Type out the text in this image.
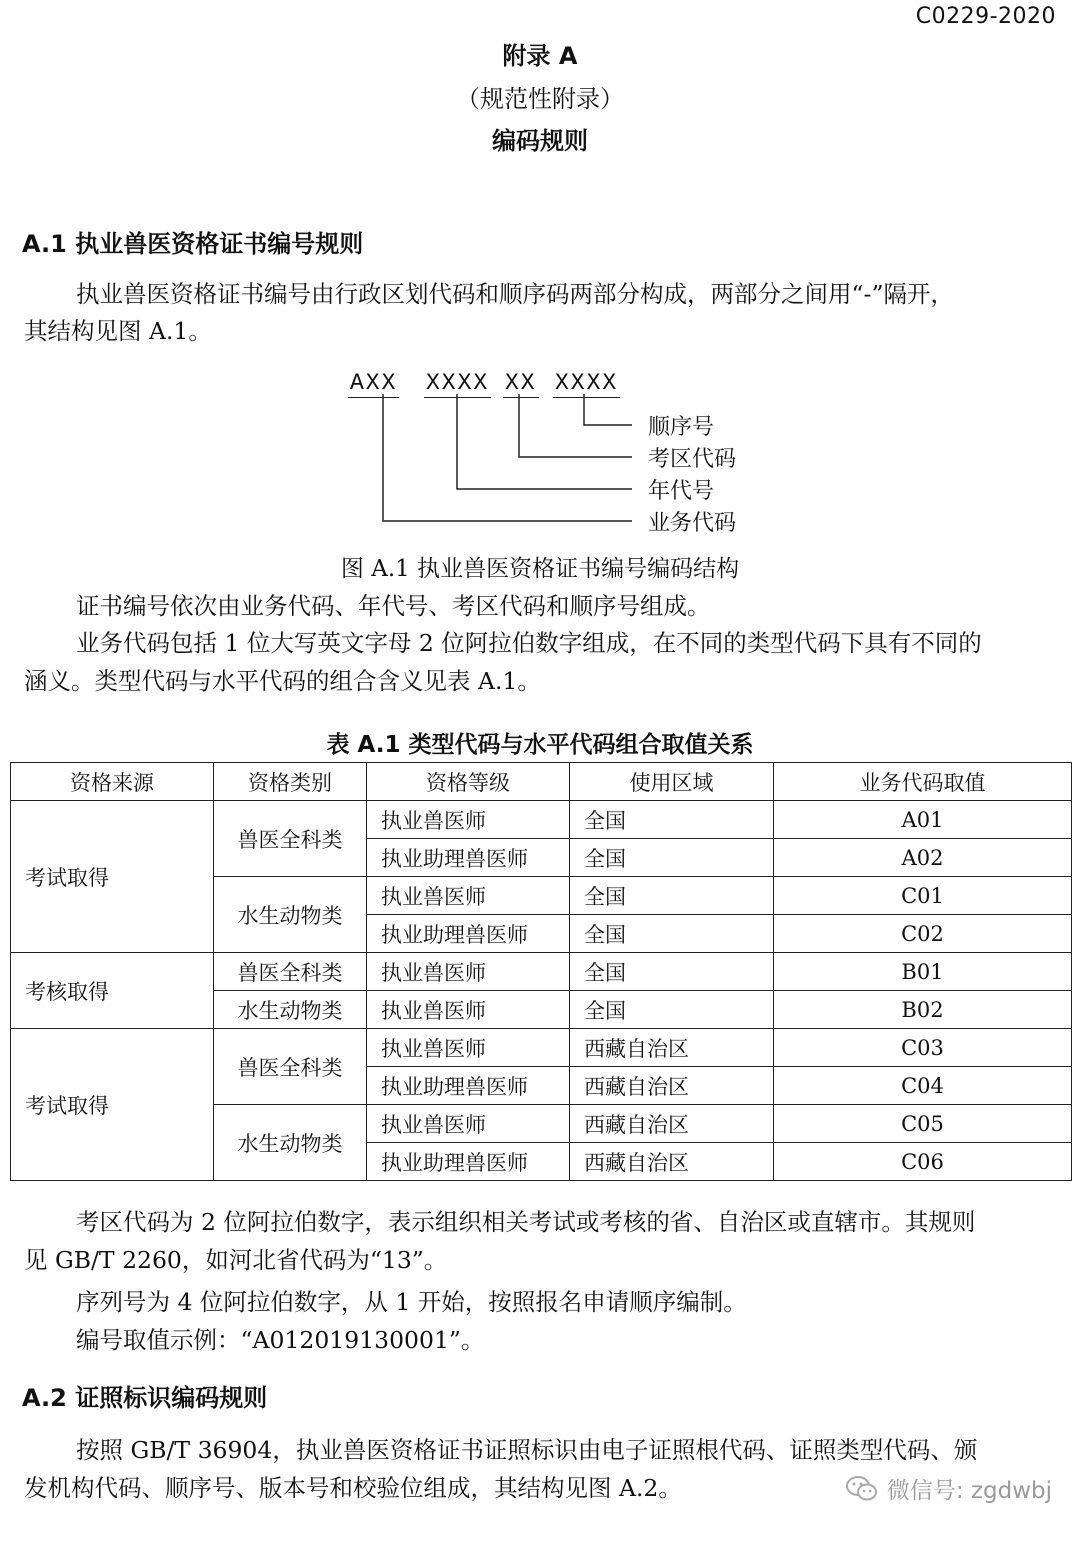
C0229-2020
附录 A
（规范性附录）
编码规则
A.1 执业兽医资格证书编号规则
执业兽医资格证书编号由行政区划代码和顺序码两部分构成，两部分之间用“-”隔开，
其结构见图 A.1。
AXX XXXX XX XXXX
顺序号
考区代码
年代号
业务代码
图 A.1 执业兽医资格证书编号编码结构
证书编号依次由业务代码、年代号、考区代码和顺序号组成。
业务代码包括 1 位大写英文字母 2 位阿拉伯数字组成，在不同的类型代码下具有不同的
涵义。类型代码与水平代码的组合含义见表 A.1。
表 A.1 类型代码与水平代码组合取值关系
资格来源	资格类别	资格等级	使用区域	业务代码取值
考试取得	兽医全科类	执业兽医师	全国	A01
		执业助理兽医师	全国	A02
	水生动物类	执业兽医师	全国	C01
		执业助理兽医师	全国	C02
考核取得	兽医全科类	执业兽医师	全国	B01
	水生动物类	执业兽医师	全国	B02
考试取得	兽医全科类	执业兽医师	西藏自治区	C03
		执业助理兽医师	西藏自治区	C04
	水生动物类	执业兽医师	西藏自治区	C05
		执业助理兽医师	西藏自治区	C06
考区代码为 2 位阿拉伯数字，表示组织相关考试或考核的省、自治区或直辖市。其规则
见 GB/T 2260，如河北省代码为“13”。
序列号为 4 位阿拉伯数字，从 1 开始，按照报名申请顺序编制。
编号取值示例：“A012019130001”。
A.2 证照标识编码规则
按照 GB/T 36904，执业兽医资格证书证照标识由电子证照根代码、证照类型代码、颁
发机构代码、顺序号、版本号和校验位组成，其结构见图 A.2。	微信号: zgdwbj
